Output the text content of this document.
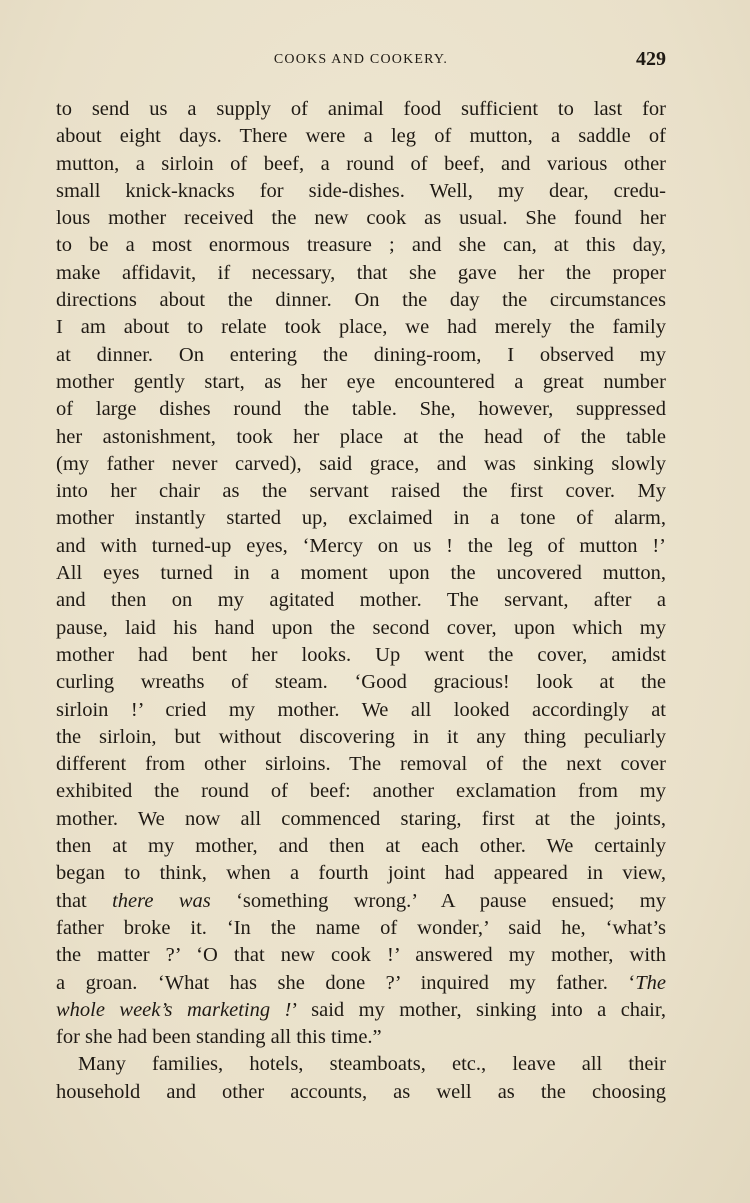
COOKS AND COOKERY.	429
to send us a supply of animal food sufficient to last for
about eight days. There were a leg of mutton, a saddle of
mutton, a sirloin of beef, a round of beef, and various other
small knick-knacks for side-dishes. Well, my dear, credu-
lous mother received the new cook as usual. She found her
to be a most enormous treasure ; and she can, at this day,
make affidavit, if necessary, that she gave her the proper
directions about the dinner. On the day the circumstances
I am about to relate took place, we had merely the family
at dinner. On entering the dining-room, I observed my
mother gently start, as her eye encountered a great number
of large dishes round the table. She, however, suppressed
her astonishment, took her place at the head of the table
(my father never carved), said grace, and was sinking slowly
into her chair as the servant raised the first cover. My
mother instantly started up, exclaimed in a tone of alarm,
and with turned-up eyes, ‘Mercy on us ! the leg of mutton !’
All eyes turned in a moment upon the uncovered mutton,
and then on my agitated mother. The servant, after a
pause, laid his hand upon the second cover, upon which my
mother had bent her looks. Up went the cover, amidst
curling wreaths of steam. ‘Good gracious! look at the
sirloin !’ cried my mother. We all looked accordingly at
the sirloin, but without discovering in it any thing peculiarly
different from other sirloins. The removal of the next cover
exhibited the round of beef: another exclamation from my
mother. We now all commenced staring, first at the joints,
then at my mother, and then at each other. We certainly
began to think, when a fourth joint had appeared in view,
that there was ‘something wrong.’ A pause ensued; my
father broke it. ‘In the name of wonder,’ said he, ‘what’s
the matter ?’ ‘O that new cook !’ answered my mother, with
a groan. ‘What has she done ?’ inquired my father. ‘The
whole week’s marketing !’ said my mother, sinking into a chair,
for she had been standing all this time.”
Many families, hotels, steamboats, etc., leave all their
household and other accounts, as well as the choosing
